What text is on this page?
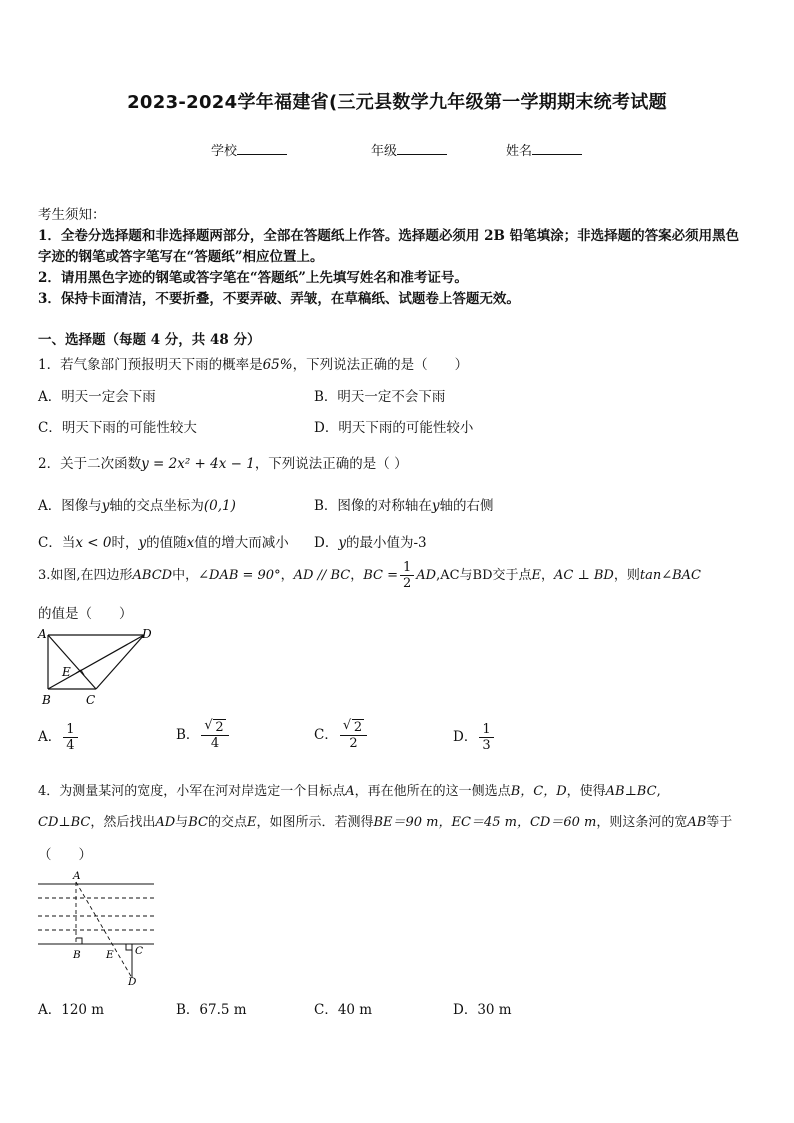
2023-2024学年福建省(三元县数学九年级第一学期期末统考试题
学校	年级	姓名
考生须知：
1．全卷分选择题和非选择题两部分，全部在答题纸上作答。选择题必须用 2B 铅笔填涂；非选择题的答案必须用黑色
字迹的钢笔或答字笔写在“答题纸”相应位置上。
2．请用黑色字迹的钢笔或答字笔在“答题纸”上先填写姓名和准考证号。
3．保持卡面清洁，不要折叠，不要弄破、弄皱，在草稿纸、试题卷上答题无效。
一、选择题（每题 4 分，共 48 分）
1．若气象部门预报明天下雨的概率是65%，下列说法正确的是（　　）
A．明天一定会下雨	B．明天一定不会下雨
C．明天下雨的可能性较大	D．明天下雨的可能性较小
2．关于二次函数y = 2x² + 4x − 1，下列说法正确的是（ ）
A．图像与y轴的交点坐标为(0,1)	B．图像的对称轴在y轴的右侧
C．当x < 0时，y的值随x值的增大而减小 D．y的最小值为-3
3.如图,在四边形ABCD中，∠DAB = 90°，AD // BC，BC = $\frac{1}{2} AD,AC$与BD交于点E，AC ⊥ BD，则tan∠BAC
的值是（　　）
A	D
E
B	C
A． $\frac{1}{4}$	B． $\frac{√ 2}{4}$	C． $\frac{√ 2}{2}$	D． $\frac{1}{3}$
4．为测量某河的宽度，小军在河对岸选定一个目标点A，再在他所在的这一侧选点B，C，D，使得AB⊥BC,
CD⊥BC，然后找出AD与BC的交点E，如图所示．若测得BE＝90 m，EC＝45 m，CD＝60 m，则这条河的宽AB等于
（　　）
A
B E C
D
A．120 m	B．67.5 m	C．40 m	D．30 m
